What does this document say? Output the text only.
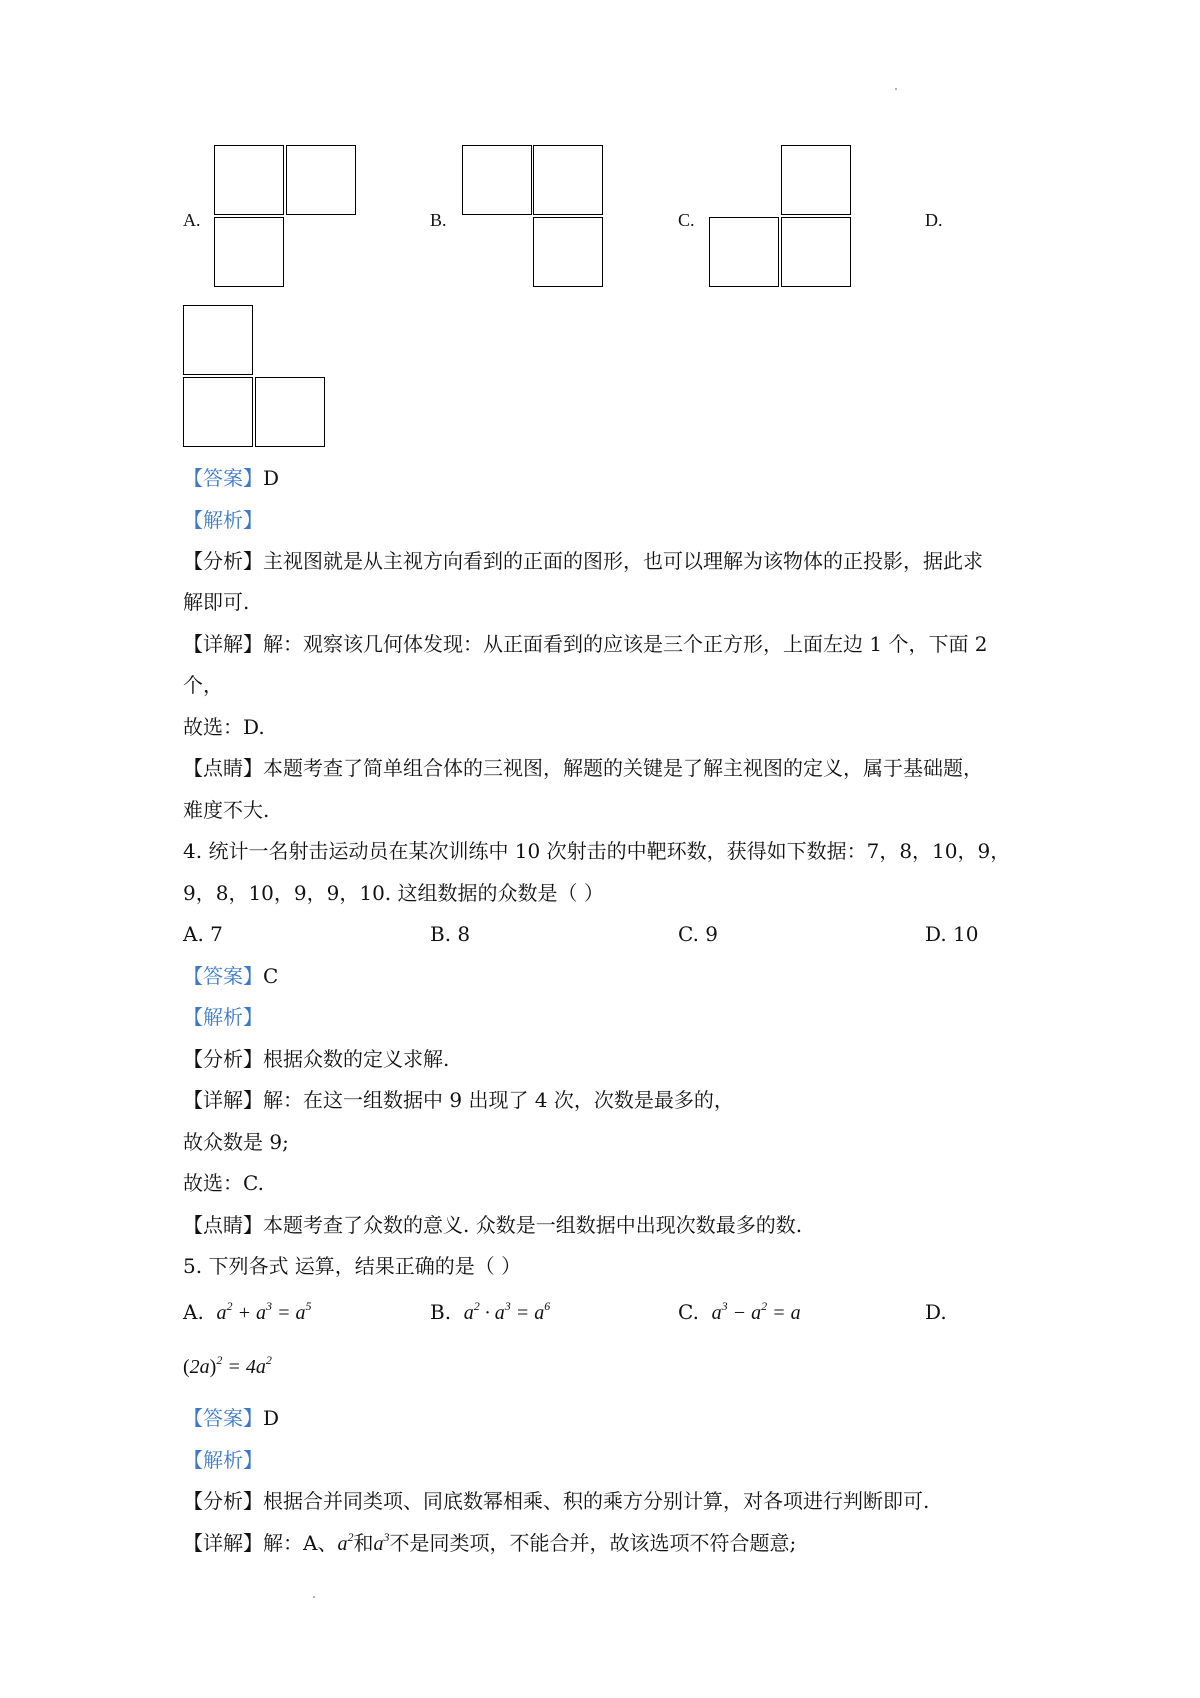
A.	B.	C.	D.
【答案】D
【解析】
【分析】主视图就是从主视方向看到的正面的图形，也可以理解为该物体的正投影，据此求
解即可.
【详解】解：观察该几何体发现：从正面看到的应该是三个正方形，上面左边 1 个，下面 2
个，
故选：D.
【点睛】本题考查了简单组合体的三视图，解题的关键是了解主视图的定义，属于基础题，
难度不大.
4. 统计一名射击运动员在某次训练中 10 次射击的中靶环数，获得如下数据：7，8，10，9，
9，8，10，9，9，10. 这组数据的众数是（ ）
A. 7	B. 8	C. 9	D. 10
【答案】C
【解析】
【分析】根据众数的定义求解.
【详解】解：在这一组数据中 9 出现了 4 次，次数是最多的，
故众数是 9;
故选：C.
【点睛】本题考查了众数的意义. 众数是一组数据中出现次数最多的数.
5. 下列各式 运算，结果正确的是（ ）
A. $a^2 + a^3 = a^5$	B. $a^2 \cdot a^3 = a^6$	C. $a^3 - a^2 = a$	D.
$(2a)^2 = 4a^2$
【答案】D
【解析】
【分析】根据合并同类项、同底数幂相乘、积的乘方分别计算，对各项进行判断即可.
【详解】解：A、$a^2$和$a^3$不是同类项，不能合并，故该选项不符合题意;
